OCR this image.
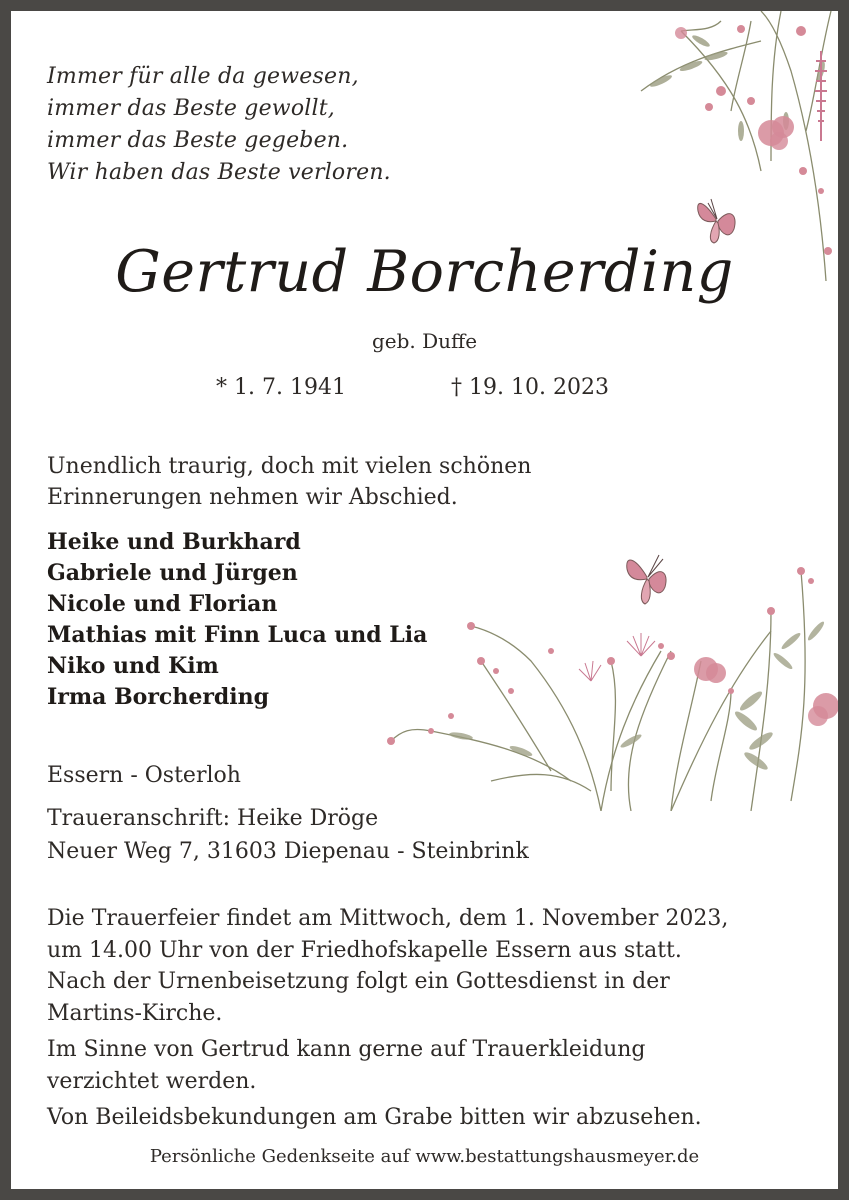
Immer für alle da gewesen,
immer das Beste gewollt,
immer das Beste gegeben.
Wir haben das Beste verloren.
Gertrud Borcherding
geb. Duffe
* 1. 7. 1941	† 19. 10. 2023
Unendlich traurig, doch mit vielen schönen
Erinnerungen nehmen wir Abschied.
Heike und Burkhard
Gabriele und Jürgen
Nicole und Florian
Mathias mit Finn Luca und Lia
Niko und Kim
Irma Borcherding
Essern - Osterloh
Traueranschrift: Heike Dröge
Neuer Weg 7, 31603 Diepenau - Steinbrink
Die Trauerfeier findet am Mittwoch, dem 1. November 2023,
um 14.00 Uhr von der Friedhofskapelle Essern aus statt.
Nach der Urnenbeisetzung folgt ein Gottesdienst in der
Martins-Kirche.
Im Sinne von Gertrud kann gerne auf Trauerkleidung
verzichtet werden.
Von Beileidsbekundungen am Grabe bitten wir abzusehen.
Persönliche Gedenkseite auf www.bestattungshausmeyer.de
